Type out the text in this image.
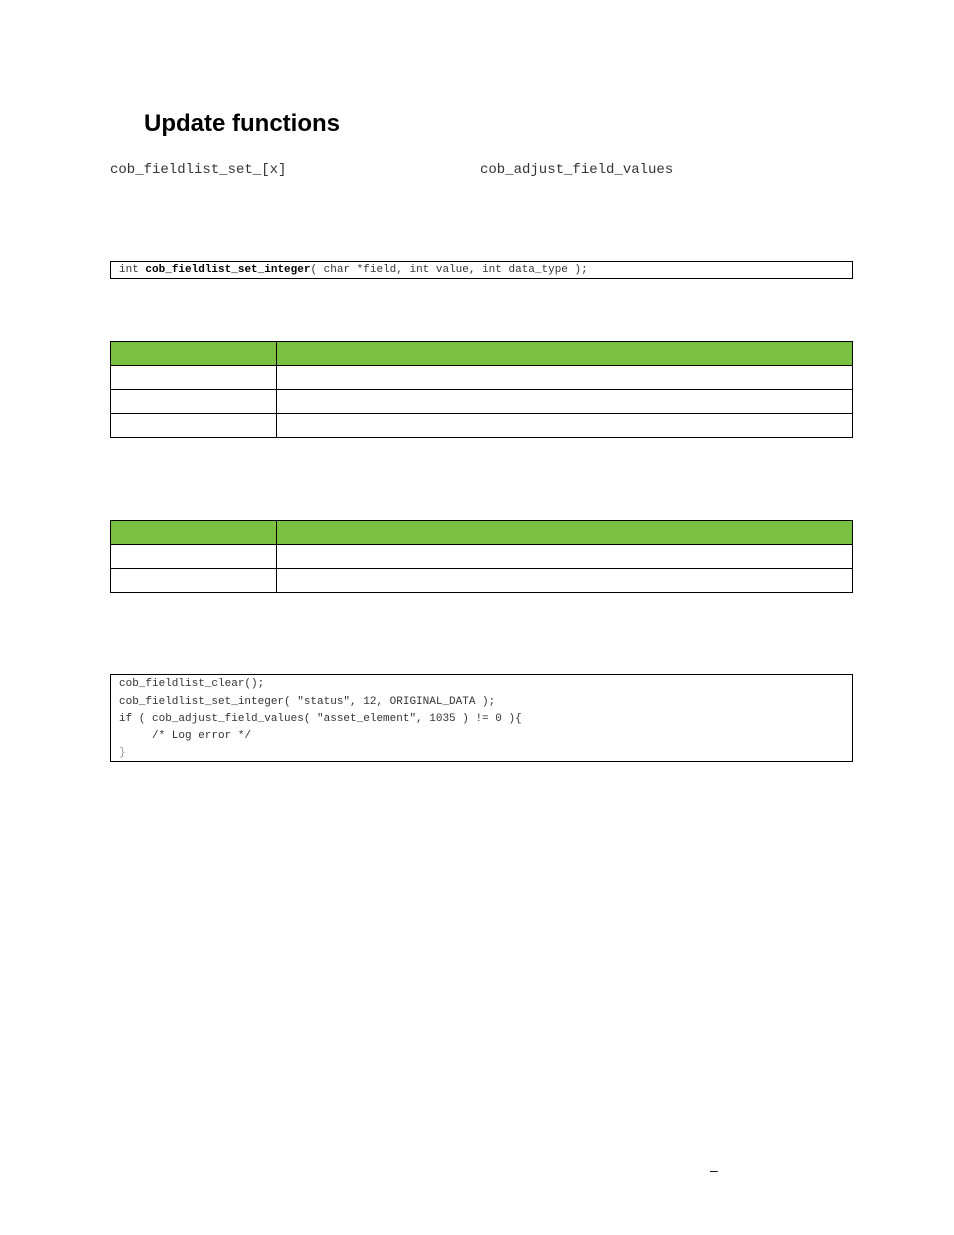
Update functions
cob_fieldlist_set_[x]	cob_adjust_field_values
int cob_fieldlist_set_integer( char *field, int value, int data_type );

cob_fieldlist_clear();
cob_fieldlist_set_integer( "status", 12, ORIGINAL_DATA );
if ( cob_adjust_field_values( "asset_element", 1035 ) != 0 ){
/* Log error */
}
–
